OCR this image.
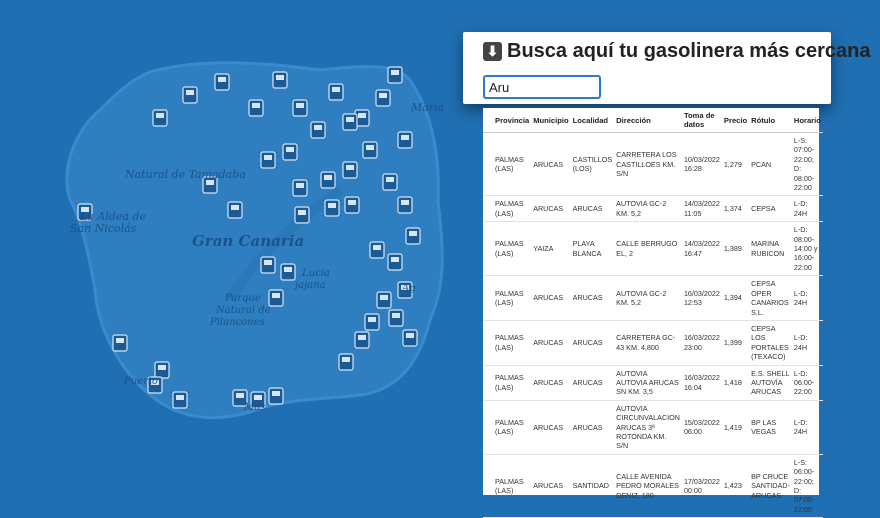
Natural de Tamadaba
La Aldea de
San Nicolás
Gran Canaria
Parque
Natural de
Pilancones
Lucía
jajana
Puerto
Mas
Maria
Ag
⬇ Busca aquí tu gasolinera más cercana
Aru
Provincia	Municipio	Localidad	Dirección	Toma de datos	Precio	Rótulo	Horario
PALMAS (LAS)	ARUCAS	CASTILLOS (LOS)	CARRETERA LOS CASTILLOES KM. S/N	10/03/2022 16:28	1,279	PCAN	L-S: 07:00-22:00; D: 08:00-22:00
PALMAS (LAS)	ARUCAS	ARUCAS	AUTOVIA GC-2 KM. 5,2	14/03/2022 11:05	1,374	CEPSA	L-D: 24H
PALMAS (LAS)	YAIZA	PLAYA BLANCA	CALLE BERRUGO EL, 2	14/03/2022 16:47	1,389	MARINA RUBICON	L-D: 08:00-14:00 y 16:00-22:00
PALMAS (LAS)	ARUCAS	ARUCAS	AUTOVIA GC-2 KM. 5,2	16/03/2022 12:53	1,394	CEPSA OPER CANARIOS S.L.	L-D: 24H
PALMAS (LAS)	ARUCAS	ARUCAS	CARRETERA GC-43 KM. 4,800	16/03/2022 23:00	1,399	CEPSA LOS PORTALES (TEXACO)	L-D: 24H
PALMAS (LAS)	ARUCAS	ARUCAS	AUTOVIA AUTOVIA ARUCAS SN KM. 3,5	16/03/2022 16:04	1,418	E.S. SHELL AUTOVÍA ARUCAS	L-D: 06:00-22:00
PALMAS (LAS)	ARUCAS	ARUCAS	AUTOVIA CIRCUNVALACION ARUCAS 3ª ROTONDA KM. S/N	15/03/2022 06:00	1,419	BP LAS VEGAS	L-D: 24H
PALMAS (LAS)	ARUCAS	SANTIDAD	CALLE AVENIDA PEDRO MORALES DENIZ, 180	17/03/2022 00:00	1,423	BP CRUCE SANTIDAD-ARUCAS	L-S: 06:00-22:00; D: 07:00-22:00
